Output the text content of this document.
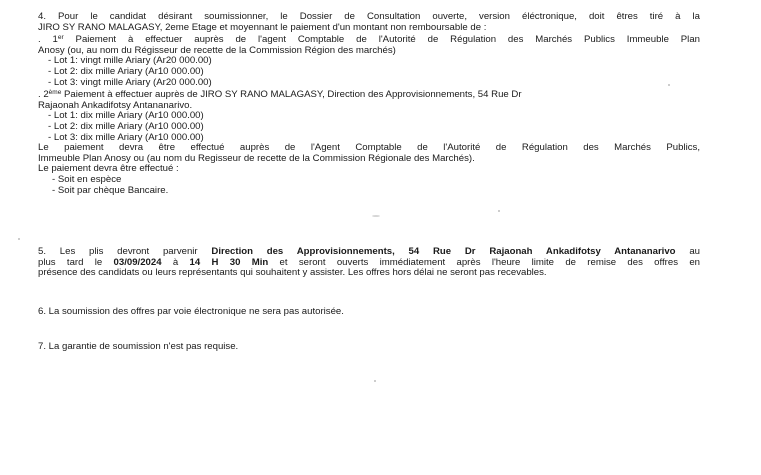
4. Pour le candidat désirant soumissionner, le Dossier de Consultation ouverte, version éléctronique, doit êtres tiré à la
JIRO SY RANO MALAGASY, 2eme Etage et moyennant le paiement d'un montant non remboursable de :
. 1er Paiement à effectuer auprès de l'agent Comptable de l'Autorité de Régulation des Marchés Publics Immeuble Plan
Anosy (ou, au nom du Régisseur de recette de la Commission Région des marchés)
- Lot 1: vingt mille Ariary (Ar20 000.00)
- Lot 2: dix mille Ariary (Ar10 000.00)
- Lot 3: vingt mille Ariary (Ar20 000.00)
. 2ème Paiement à effectuer auprès de JIRO SY RANO MALAGASY, Direction des Approvisionnements, 54 Rue Dr
Rajaonah Ankadifotsy Antananarivo.
- Lot 1: dix mille Ariary (Ar10 000.00)
- Lot 2: dix mille Ariary (Ar10 000.00)
- Lot 3: dix mille Ariary (Ar10 000.00)
Le paiement devra être effectué auprès de l'Agent Comptable de l'Autorité de Régulation des Marchés Publics,
Immeuble Plan Anosy ou (au nom du Regisseur de recette de la Commission Régionale des Marchés).
Le paiement devra être effectué :
- Soit en espèce
- Soit par chèque Bancaire.
5. Les plis devront parvenir Direction des Approvisionnements, 54 Rue Dr Rajaonah Ankadifotsy Antananarivo au
plus tard le 03/09/2024 à 14 H 30 Min et seront ouverts immédiatement après l'heure limite de remise des offres en
présence des candidats ou leurs représentants qui souhaitent y assister. Les offres hors délai ne seront pas recevables.
6. La soumission des offres par voie électronique ne sera pas autorisée.
7. La garantie de soumission n'est pas requise.
